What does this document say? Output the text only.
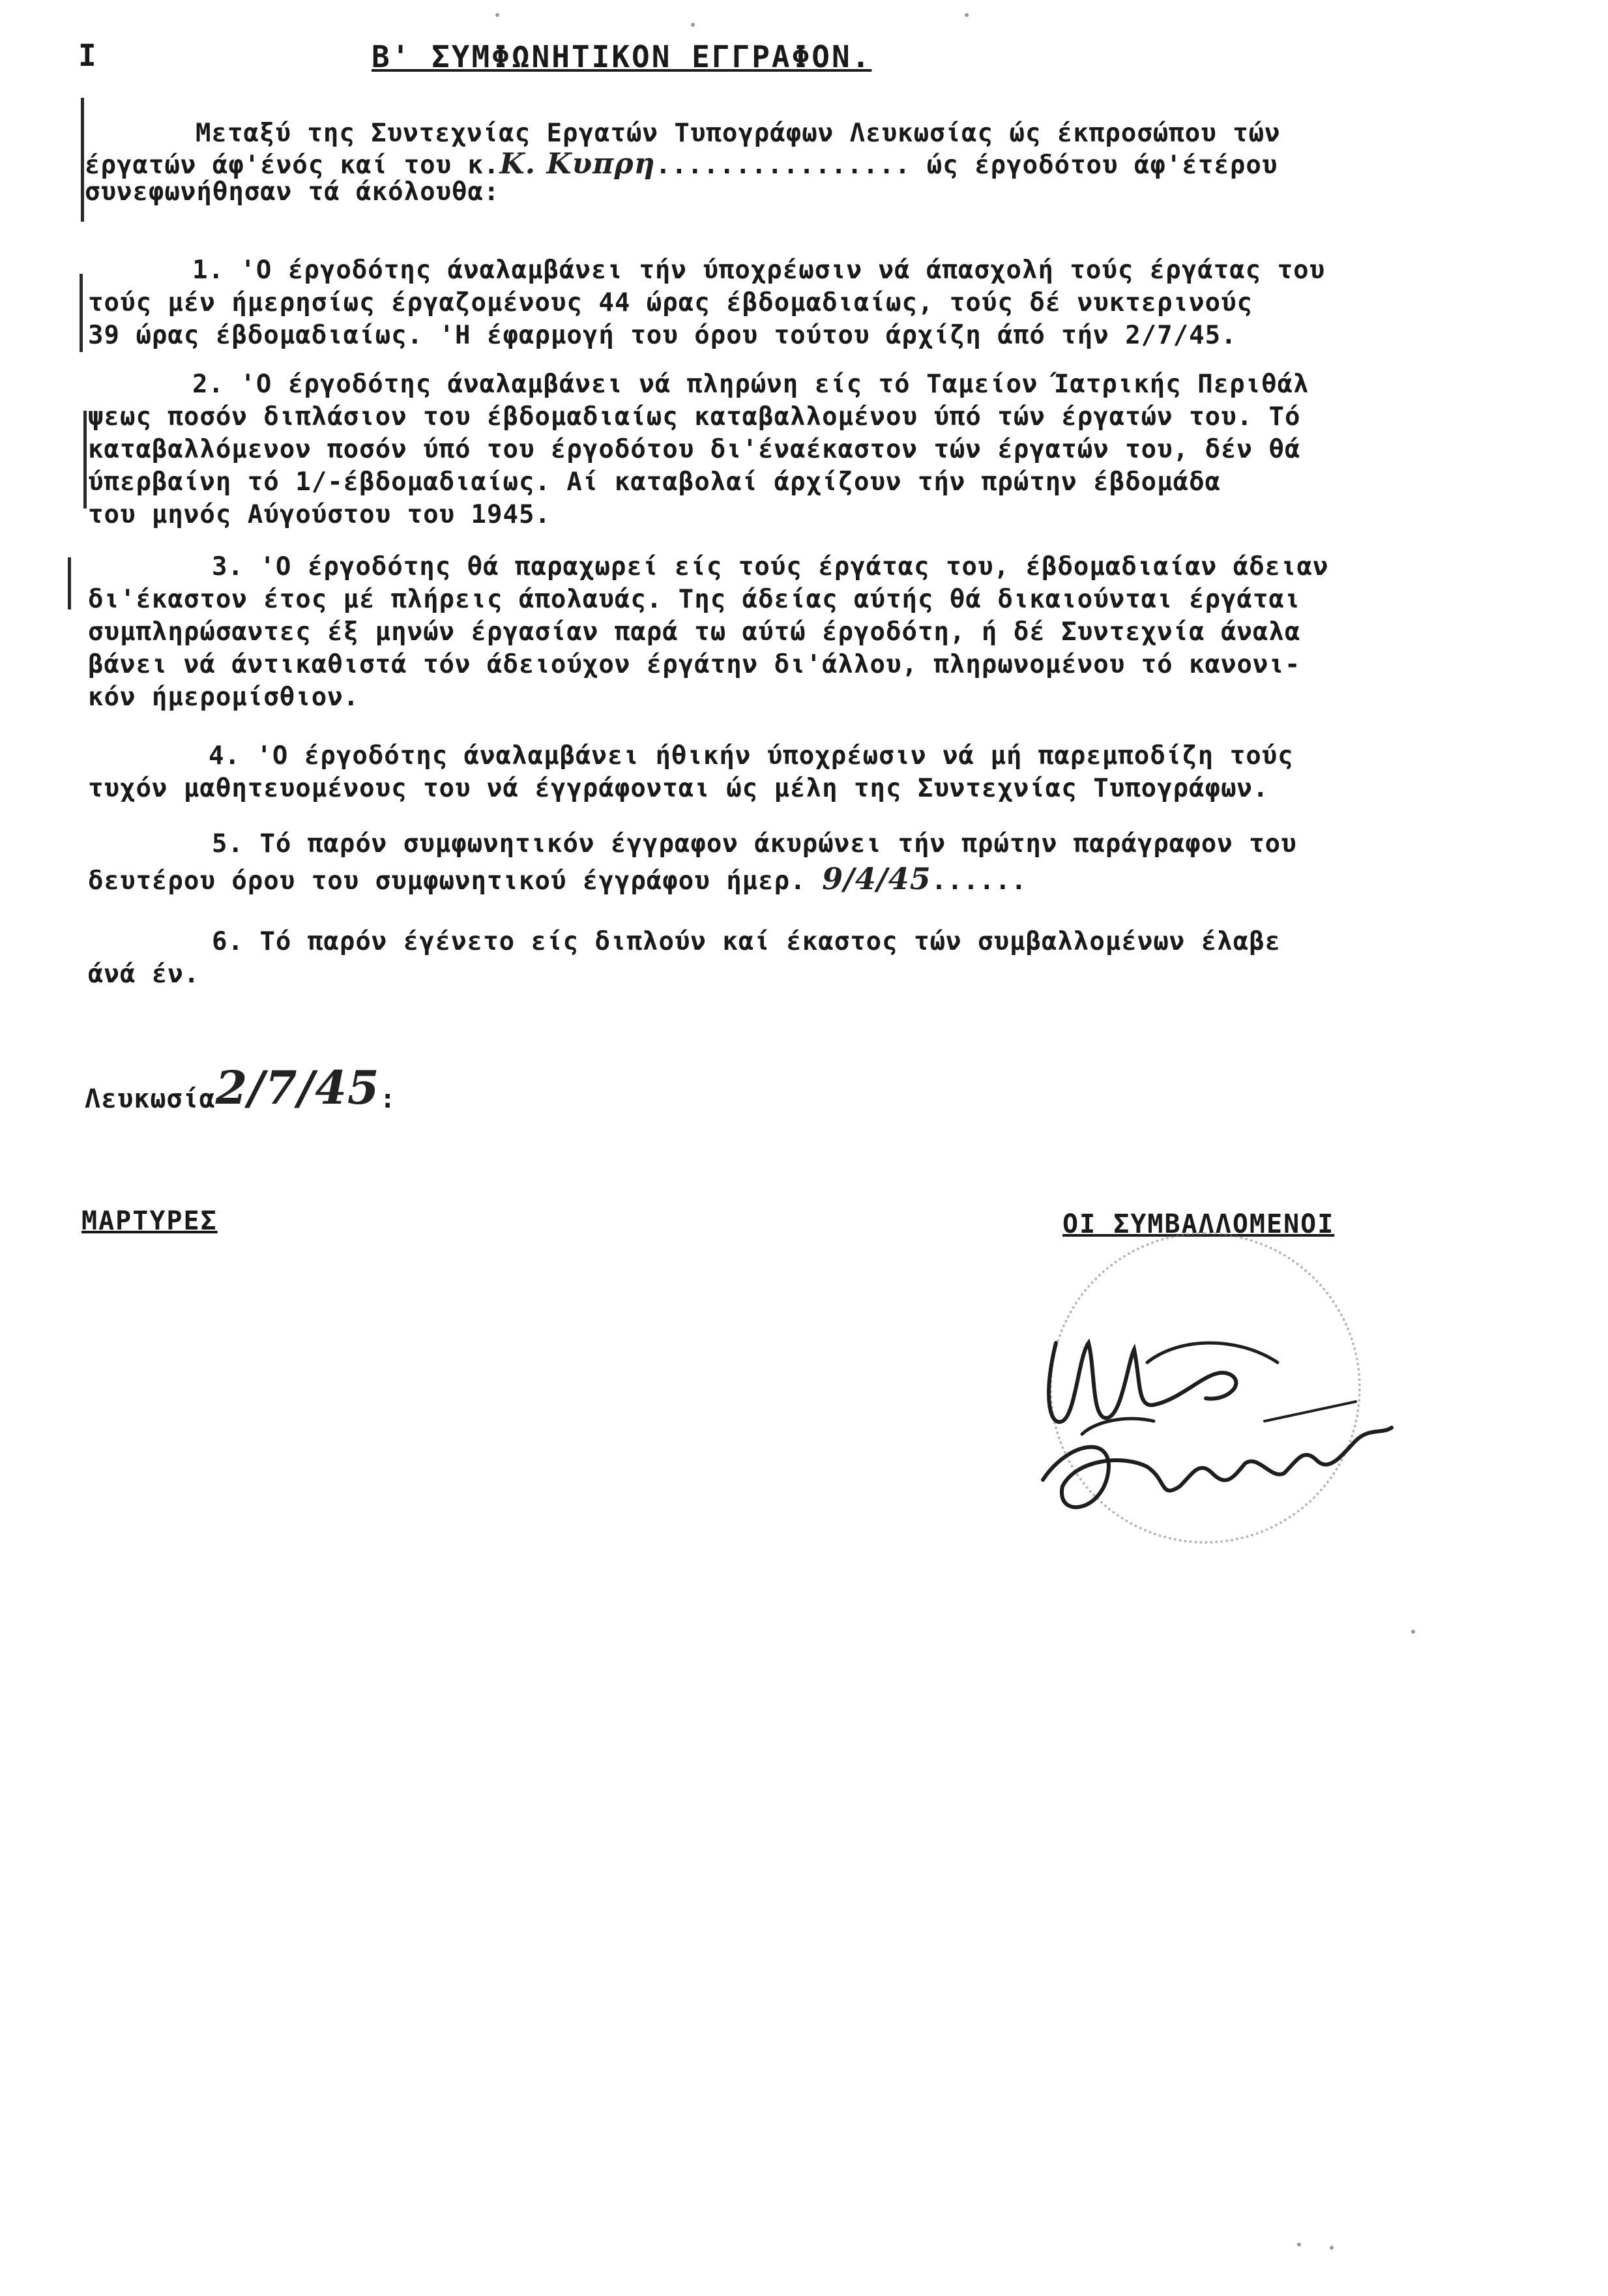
I	Β' ΣΥΜΦΩΝΗΤΙΚΟΝ ΕΓΓΡΑΦΟΝ.
Μεταξύ της Συντεχνίας Εργατών Τυπογράφων Λευκωσίας ώς έκπροσώπου τών
έργατών άφ'ένός καί του κ.Κ. Κυπρη................ ώς έργοδότου άφ'έτέρου
συνεφωνήθησαν τά άκόλουθα:
1. 'Ο έργοδότης άναλαμβάνει τήν ύποχρέωσιν νά άπασχολή τούς έργάτας του
τούς μέν ήμερησίως έργαζομένους 44 ώρας έβδομαδιαίως, τούς δέ νυκτερινούς
39 ώρας έβδομαδιαίως. 'Η έφαρμογή του όρου τούτου άρχίζη άπό τήν 2/7/45.
2. 'Ο έργοδότης άναλαμβάνει νά πληρώνη είς τό Ταμείον Ίατρικής Περιθάλ
ψεως ποσόν διπλάσιον του έβδομαδιαίως καταβαλλομένου ύπό τών έργατών του. Τό
καταβαλλόμενον ποσόν ύπό του έργοδότου δι'έναέκαστον τών έργατών του, δέν θά
ύπερβαίνη τό 1/-έβδομαδιαίως. Αί καταβολαί άρχίζουν τήν πρώτην έβδομάδα
του μηνός Αύγούστου του 1945.
3. 'Ο έργοδότης θά παραχωρεί είς τούς έργάτας του, έβδομαδιαίαν άδειαν
δι'έκαστον έτος μέ πλήρεις άπολαυάς. Της άδείας αύτής θά δικαιούνται έργάται
συμπληρώσαντες έξ μηνών έργασίαν παρά τω αύτώ έργοδότη, ή δέ Συντεχνία άναλα
βάνει νά άντικαθιστά τόν άδειούχον έργάτην δι'άλλου, πληρωνομένου τό κανονι-
κόν ήμερομίσθιον.
4. 'Ο έργοδότης άναλαμβάνει ήθικήν ύποχρέωσιν νά μή παρεμποδίζη τούς
τυχόν μαθητευομένους του νά έγγράφονται ώς μέλη της Συντεχνίας Τυπογράφων.
5. Τό παρόν συμφωνητικόν έγγραφον άκυρώνει τήν πρώτην παράγραφον του
δευτέρου όρου του συμφωνητικού έγγράφου ήμερ. 9/4/45......
6. Τό παρόν έγένετο είς διπλούν καί έκαστος τών συμβαλλομένων έλαβε
άνά έν.
Λευκωσία2/7/45:
ΜΑΡΤΥΡΕΣ	ΟΙ ΣΥΜΒΑΛΛΟΜΕΝΟΙ
